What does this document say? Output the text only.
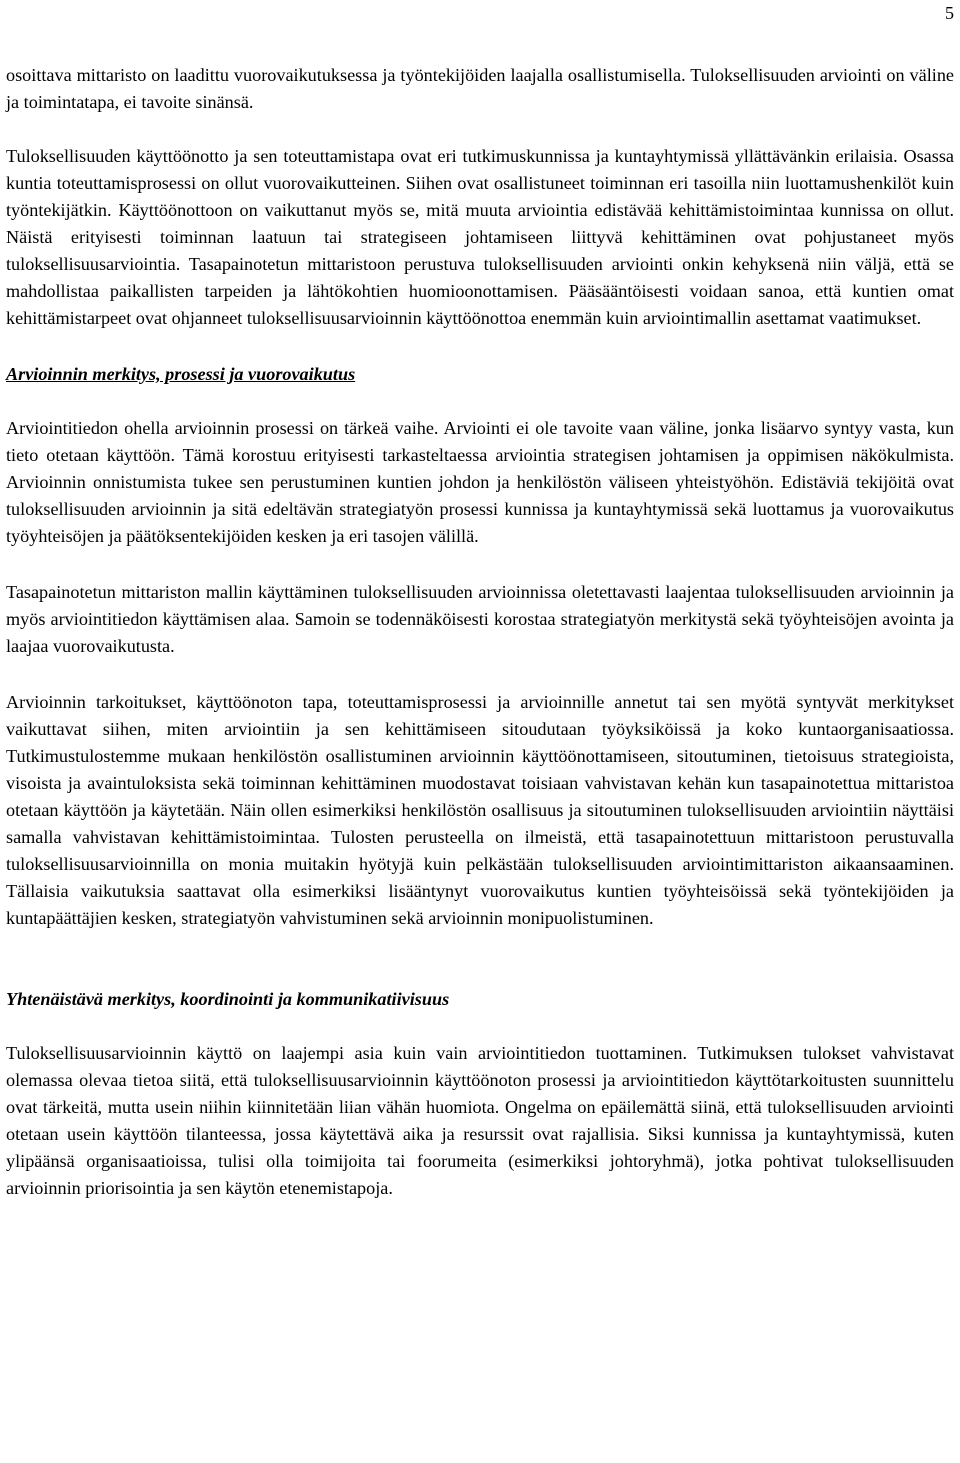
5

osoittava mittaristo on laadittu vuorovaikutuksessa ja työntekijöiden laajalla osallistumisella. Tuloksellisuuden arviointi on väline ja toimintatapa, ei tavoite sinänsä.

Tuloksellisuuden käyttöönotto ja sen toteuttamistapa ovat eri tutkimuskunnissa ja kuntayhtymissä yllättävänkin erilaisia. Osassa kuntia toteuttamisprosessi on ollut vuorovaikutteinen. Siihen ovat osallistuneet toiminnan eri tasoilla niin luottamushenkilöt kuin työntekijätkin. Käyttöönottoon on vaikuttanut myös se, mitä muuta arviointia edistävää kehittämistoimintaa kunnissa on ollut. Näistä erityisesti toiminnan laatuun tai strategiseen johtamiseen liittyvä kehittäminen ovat pohjustaneet myös tuloksellisuusarviointia. Tasapainotetun mittaristoon perustuva tuloksellisuuden arviointi onkin kehyksenä niin väljä, että se mahdollistaa paikallisten tarpeiden ja lähtökohtien huomioonottamisen. Pääsääntöisesti voidaan sanoa, että kuntien omat kehittämistarpeet ovat ohjanneet tuloksellisuusarvioinnin käyttöönottoa enemmän kuin arviointimallin asettamat vaatimukset.

Arvioinnin merkitys, prosessi ja vuorovaikutus

Arviointitiedon ohella arvioinnin prosessi on tärkeä vaihe. Arviointi ei ole tavoite vaan väline, jonka lisäarvo syntyy vasta, kun tieto otetaan käyttöön. Tämä korostuu erityisesti tarkasteltaessa arviointia strategisen johtamisen ja oppimisen näkökulmista. Arvioinnin onnistumista tukee sen perustuminen kuntien johdon ja henkilöstön väliseen yhteistyöhön. Edistäviä tekijöitä ovat tuloksellisuuden arvioinnin ja sitä edeltävän strategiatyön prosessi kunnissa ja kuntayhtymissä sekä luottamus ja vuorovaikutus työyhteisöjen ja päätöksentekijöiden kesken ja eri tasojen välillä.

Tasapainotetun mittariston mallin käyttäminen tuloksellisuuden arvioinnissa oletettavasti laajentaa tuloksellisuuden arvioinnin ja myös arviointitiedon käyttämisen alaa. Samoin se todennäköisesti korostaa strategiatyön merkitystä sekä työyhteisöjen avointa ja laajaa vuorovaikutusta.

Arvioinnin tarkoitukset, käyttöönoton tapa, toteuttamisprosessi ja arvioinnille annetut tai sen myötä syntyvät merkitykset vaikuttavat siihen, miten arviointiin ja sen kehittämiseen sitoudutaan työyksiköissä ja koko kuntaorganisaatiossa. Tutkimustulostemme mukaan henkilöstön osallistuminen arvioinnin käyttöönottamiseen, sitoutuminen, tietoisuus strategioista, visoista ja avaintuloksista sekä toiminnan kehittäminen muodostavat toisiaan vahvistavan kehän kun tasapainotettua mittaristoa otetaan käyttöön ja käytetään. Näin ollen esimerkiksi henkilöstön osallisuus ja sitoutuminen tuloksellisuuden arviointiin näyttäisi samalla vahvistavan kehittämistoimintaa. Tulosten perusteella on ilmeistä, että tasapainotettuun mittaristoon perustuvalla tuloksellisuusarvioinnilla on monia muitakin hyötyjä kuin pelkästään tuloksellisuuden arviointimittariston aikaansaaminen. Tällaisia vaikutuksia saattavat olla esimerkiksi lisääntynyt vuorovaikutus kuntien työyhteisöissä sekä työntekijöiden ja kuntapäättäjien kesken, strategiatyön vahvistuminen sekä arvioinnin monipuolistuminen.

Yhtenäistävä merkitys, koordinointi ja kommunikatiivisuus

Tuloksellisuusarvioinnin käyttö on laajempi asia kuin vain arviointitiedon tuottaminen. Tutkimuksen tulokset vahvistavat olemassa olevaa tietoa siitä, että tuloksellisuusarvioinnin käyttöönoton prosessi ja arviointitiedon käyttötarkoitusten suunnittelu ovat tärkeitä, mutta usein niihin kiinnitetään liian vähän huomiota. Ongelma on epäilemättä siinä, että tuloksellisuuden arviointi otetaan usein käyttöön tilanteessa, jossa käytettävä aika ja resurssit ovat rajallisia. Siksi kunnissa ja kuntayhtymissä, kuten ylipäänsä organisaatioissa, tulisi olla toimijoita tai foorumeita (esimerkiksi johtoryhmä), jotka pohtivat tuloksellisuuden arvioinnin priorisointia ja sen käytön etenemistapoja.
